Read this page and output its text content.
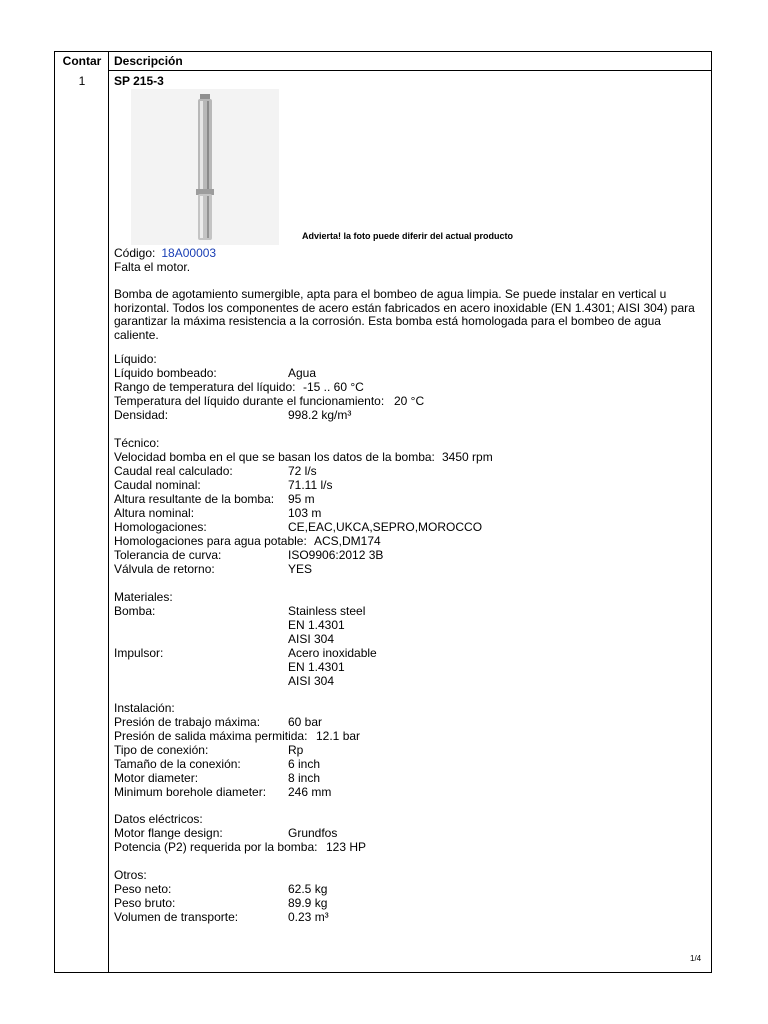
Contar Descripción
1	SP 215-3
Advierta! la foto puede diferir del actual producto
Código: 18A00003
Falta el motor.
Bomba de agotamiento sumergible, apta para el bombeo de agua limpia. Se puede instalar en vertical u horizontal. Todos los componentes de acero están fabricados en acero inoxidable (EN 1.4301; AISI 304) para garantizar la máxima resistencia a la corrosión. Esta bomba está homologada para el bombeo de agua caliente.
Líquido:
Líquido bombeado:	Agua
Rango de temperatura del líquido: -15 .. 60 °C
Temperatura del líquido durante el funcionamiento: 20 °C
Densidad:	998.2 kg/m³
Técnico:
Velocidad bomba en el que se basan los datos de la bomba: 3450 rpm
Caudal real calculado:	72 l/s
Caudal nominal:	71.11 l/s
Altura resultante de la bomba: 95 m
Altura nominal:	103 m
Homologaciones:	CE,EAC,UKCA,SEPRO,MOROCCO
Homologaciones para agua potable: ACS,DM174
Tolerancia de curva:	ISO9906:2012 3B
Válvula de retorno:	YES
Materiales:
Bomba:	Stainless steel
EN 1.4301
AISI 304
Impulsor:	Acero inoxidable
EN 1.4301
AISI 304
Instalación:
Presión de trabajo máxima: 60 bar
Presión de salida máxima permitida: 12.1 bar
Tipo de conexión:	Rp
Tamaño de la conexión:	6 inch
Motor diameter:	8 inch
Minimum borehole diameter: 246 mm
Datos eléctricos:
Motor flange design:	Grundfos
Potencia (P2) requerida por la bomba: 123 HP
Otros:
Peso neto:	62.5 kg
Peso bruto:	89.9 kg
Volumen de transporte:	0.23 m³
1/4
